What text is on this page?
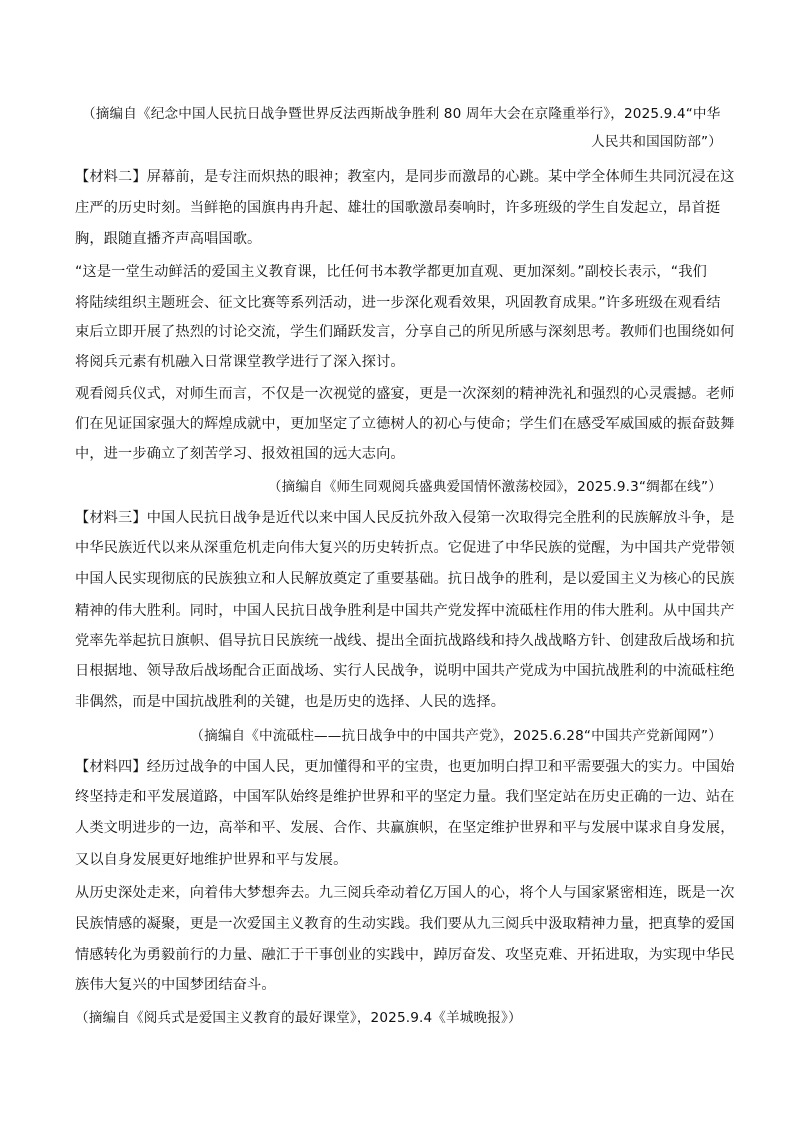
（摘编自《纪念中国人民抗日战争暨世界反法西斯战争胜利 80 周年大会在京隆重举行》，2025.9.4“中华
人民共和国国防部”）
【材料二】屏幕前，是专注而炽热的眼神；教室内，是同步而激昂的心跳。某中学全体师生共同沉浸在这
庄严的历史时刻。当鲜艳的国旗冉冉升起、雄壮的国歌激昂奏响时，许多班级的学生自发起立，昂首挺
胸，跟随直播齐声高唱国歌。
“这是一堂生动鲜活的爱国主义教育课，比任何书本教学都更加直观、更加深刻。”副校长表示，“我们
将陆续组织主题班会、征文比赛等系列活动，进一步深化观看效果，巩固教育成果。”许多班级在观看结
束后立即开展了热烈的讨论交流，学生们踊跃发言，分享自己的所见所感与深刻思考。教师们也围绕如何
将阅兵元素有机融入日常课堂教学进行了深入探讨。
观看阅兵仪式，对师生而言，不仅是一次视觉的盛宴，更是一次深刻的精神洗礼和强烈的心灵震撼。老师
们在见证国家强大的辉煌成就中，更加坚定了立德树人的初心与使命；学生们在感受军威国威的振奋鼓舞
中，进一步确立了刻苦学习、报效祖国的远大志向。
（摘编自《师生同观阅兵盛典爱国情怀激荡校园》，2025.9.3“绸都在线”）
【材料三】中国人民抗日战争是近代以来中国人民反抗外敌入侵第一次取得完全胜利的民族解放斗争，是
中华民族近代以来从深重危机走向伟大复兴的历史转折点。它促进了中华民族的觉醒，为中国共产党带领
中国人民实现彻底的民族独立和人民解放奠定了重要基础。抗日战争的胜利，是以爱国主义为核心的民族
精神的伟大胜利。同时，中国人民抗日战争胜利是中国共产党发挥中流砥柱作用的伟大胜利。从中国共产
党率先举起抗日旗帜、倡导抗日民族统一战线、提出全面抗战路线和持久战战略方针、创建敌后战场和抗
日根据地、领导敌后战场配合正面战场、实行人民战争，说明中国共产党成为中国抗战胜利的中流砥柱绝
非偶然，而是中国抗战胜利的关键，也是历史的选择、人民的选择。
（摘编自《中流砥柱——抗日战争中的中国共产党》，2025.6.28“中国共产党新闻网”）
【材料四】经历过战争的中国人民，更加懂得和平的宝贵，也更加明白捍卫和平需要强大的实力。中国始
终坚持走和平发展道路，中国军队始终是维护世界和平的坚定力量。我们坚定站在历史正确的一边、站在
人类文明进步的一边，高举和平、发展、合作、共赢旗帜，在坚定维护世界和平与发展中谋求自身发展，
又以自身发展更好地维护世界和平与发展。
从历史深处走来，向着伟大梦想奔去。九三阅兵牵动着亿万国人的心，将个人与国家紧密相连，既是一次
民族情感的凝聚，更是一次爱国主义教育的生动实践。我们要从九三阅兵中汲取精神力量，把真挚的爱国
情感转化为勇毅前行的力量、融汇于干事创业的实践中，踔厉奋发、攻坚克难、开拓进取，为实现中华民
族伟大复兴的中国梦团结奋斗。
（摘编自《阅兵式是爱国主义教育的最好课堂》，2025.9.4《羊城晚报》）
